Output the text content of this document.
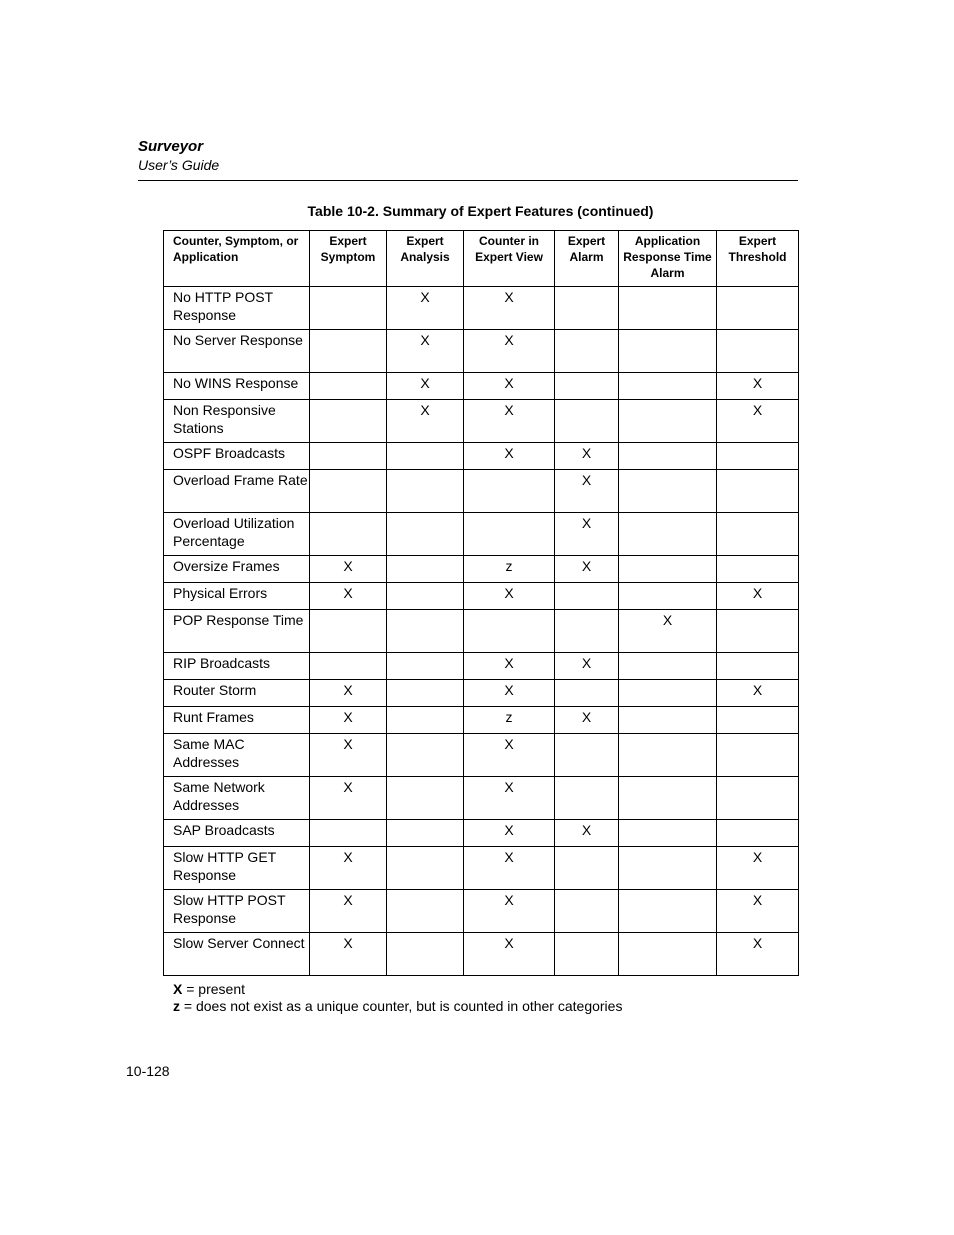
Surveyor
User’s Guide
Table 10-2. Summary of Expert Features (continued)
Counter, Symptom, or Application	Expert Symptom	Expert Analysis	Counter in Expert View	Expert Alarm	Application Response Time Alarm	Expert Threshold
No HTTP POST Response		X	X			
No Server Response		X	X			
No WINS Response		X	X			X
Non Responsive Stations		X	X			X
OSPF Broadcasts			X	X		
Overload Frame Rate				X		
Overload Utilization Percentage				X		
Oversize Frames	X		z	X		
Physical Errors	X		X			X
POP Response Time					X	
RIP Broadcasts			X	X		
Router Storm	X		X			X
Runt Frames	X		z	X		
Same MAC Addresses	X		X			
Same Network Addresses	X		X			
SAP Broadcasts			X	X		
Slow HTTP GET Response	X		X			X
Slow HTTP POST Response	X		X			X
Slow Server Connect	X		X			X
X = present
z = does not exist as a unique counter, but is counted in other categories
10-128
